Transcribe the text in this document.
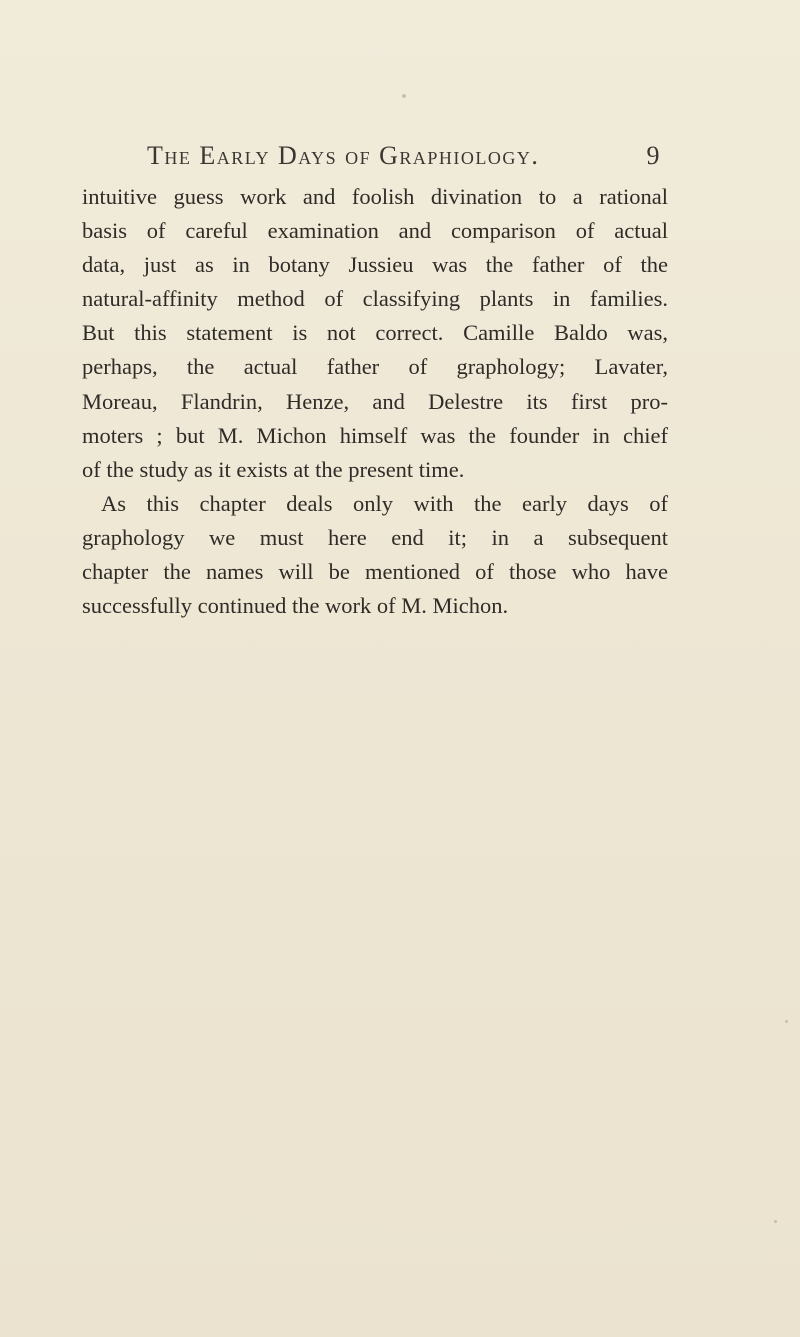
The Early Days of Graphiology.	9
intuitive guess work and foolish divination to a rational
basis of careful examination and comparison of actual
data, just as in botany Jussieu was the father of the
natural-affinity method of classifying plants in families.
But this statement is not correct. Camille Baldo was,
perhaps, the actual father of graphology; Lavater,
Moreau, Flandrin, Henze, and Delestre its first pro-
moters ; but M. Michon himself was the founder in chief
of the study as it exists at the present time.
As this chapter deals only with the early days of
graphology we must here end it; in a subsequent
chapter the names will be mentioned of those who have
successfully continued the work of M. Michon.
